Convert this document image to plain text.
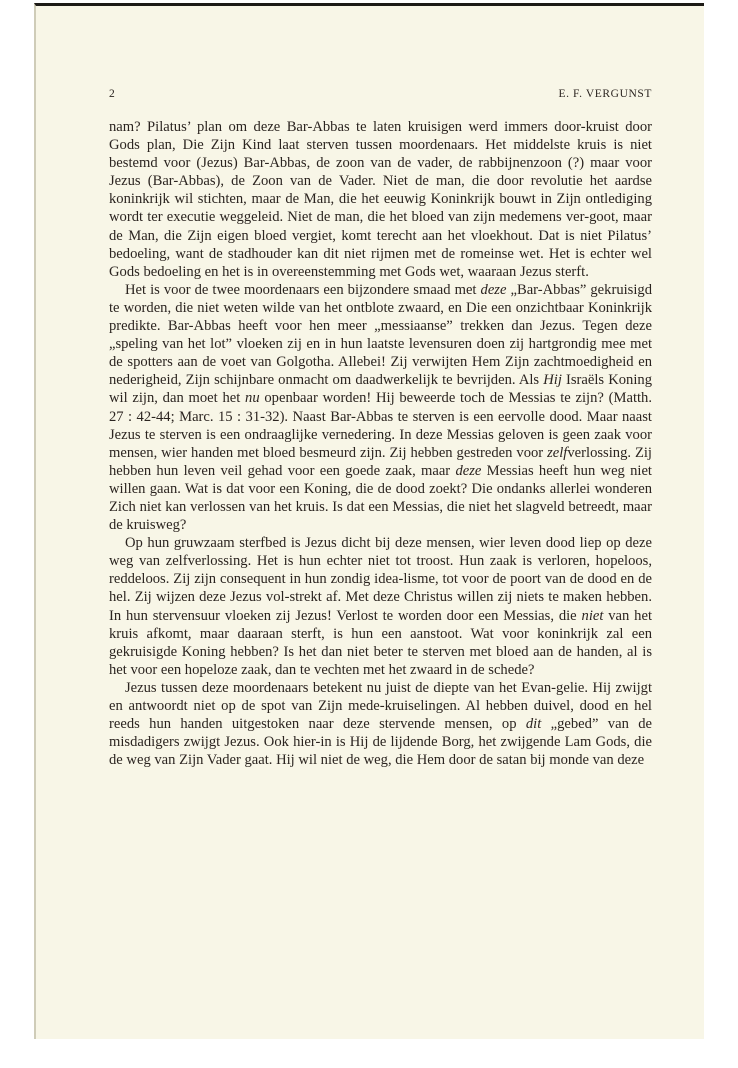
2	E. F. VERGUNST

nam? Pilatus’ plan om deze Bar-Abbas te laten kruisigen werd immers door-kruist door Gods plan, Die Zijn Kind laat sterven tussen moordenaars. Het middelste kruis is niet bestemd voor (Jezus) Bar-Abbas, de zoon van de vader, de rabbijnenzoon (?) maar voor Jezus (Bar-Abbas), de Zoon van de Vader. Niet de man, die door revolutie het aardse koninkrijk wil stichten, maar de Man, die het eeuwig Koninkrijk bouwt in Zijn ontlediging wordt ter executie weggeleid. Niet de man, die het bloed van zijn medemens ver-goot, maar de Man, die Zijn eigen bloed vergiet, komt terecht aan het vloekhout. Dat is niet Pilatus’ bedoeling, want de stadhouder kan dit niet rijmen met de romeinse wet. Het is echter wel Gods bedoeling en het is in overeenstemming met Gods wet, waaraan Jezus sterft.

Het is voor de twee moordenaars een bijzondere smaad met deze „Bar-Abbas” gekruisigd te worden, die niet weten wilde van het ontblote zwaard, en Die een onzichtbaar Koninkrijk predikte. Bar-Abbas heeft voor hen meer „messiaanse” trekken dan Jezus. Tegen deze „speling van het lot” vloeken zij en in hun laatste levensuren doen zij hartgrondig mee met de spotters aan de voet van Golgotha. Allebei! Zij verwijten Hem Zijn zachtmoedigheid en nederigheid, Zijn schijnbare onmacht om daadwerkelijk te bevrijden. Als Hij Israëls Koning wil zijn, dan moet het nu openbaar worden! Hij beweerde toch de Messias te zijn? (Matth. 27 : 42-44; Marc. 15 : 31-32). Naast Bar-Abbas te sterven is een eervolle dood. Maar naast Jezus te sterven is een ondraaglijke vernedering. In deze Messias geloven is geen zaak voor mensen, wier handen met bloed besmeurd zijn. Zij hebben gestreden voor zelfverlossing. Zij hebben hun leven veil gehad voor een goede zaak, maar deze Messias heeft hun weg niet willen gaan. Wat is dat voor een Koning, die de dood zoekt? Die ondanks allerlei wonderen Zich niet kan verlossen van het kruis. Is dat een Messias, die niet het slagveld betreedt, maar de kruisweg?

Op hun gruwzaam sterfbed is Jezus dicht bij deze mensen, wier leven dood liep op deze weg van zelfverlossing. Het is hun echter niet tot troost. Hun zaak is verloren, hopeloos, reddeloos. Zij zijn consequent in hun zondig idea-lisme, tot voor de poort van de dood en de hel. Zij wijzen deze Jezus vol-strekt af. Met deze Christus willen zij niets te maken hebben. In hun stervensuur vloeken zij Jezus! Verlost te worden door een Messias, die niet van het kruis afkomt, maar daaraan sterft, is hun een aanstoot. Wat voor koninkrijk zal een gekruisigde Koning hebben? Is het dan niet beter te sterven met bloed aan de handen, al is het voor een hopeloze zaak, dan te vechten met het zwaard in de schede?

Jezus tussen deze moordenaars betekent nu juist de diepte van het Evan-gelie. Hij zwijgt en antwoordt niet op de spot van Zijn mede-kruiselingen. Al hebben duivel, dood en hel reeds hun handen uitgestoken naar deze stervende mensen, op dit „gebed” van de misdadigers zwijgt Jezus. Ook hier-in is Hij de lijdende Borg, het zwijgende Lam Gods, die de weg van Zijn Vader gaat. Hij wil niet de weg, die Hem door de satan bij monde van deze
